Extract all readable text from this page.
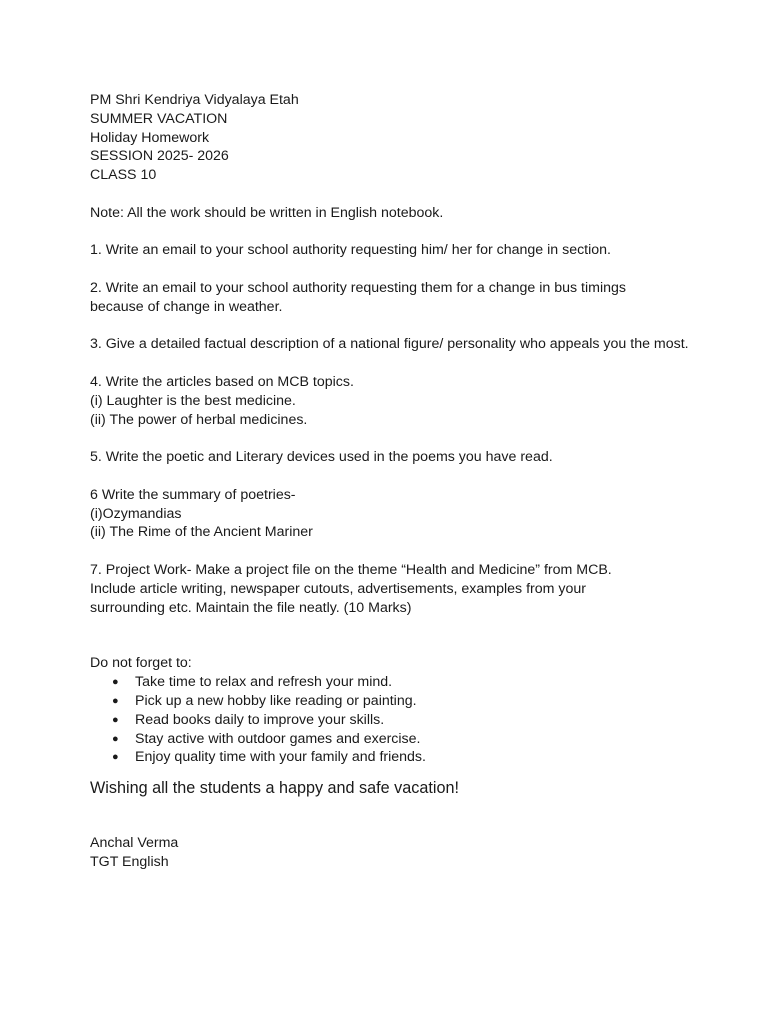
PM Shri Kendriya Vidyalaya Etah
SUMMER VACATION
Holiday Homework
SESSION 2025- 2026
CLASS 10
Note: All the work should be written in English notebook.
1. Write an email to your school authority requesting him/ her for change in section.
2. Write an email to your school authority requesting them for a change in bus timings because of change in weather.
3. Give a detailed factual description of a national figure/ personality who appeals you the most.
4. Write the articles based on MCB topics.
(i) Laughter is the best medicine.
(ii) The power of herbal medicines.
5. Write the poetic and Literary devices used in the poems you have read.
6 Write the summary of poetries-
(i)Ozymandias
(ii) The Rime of the Ancient Mariner
7. Project Work- Make a project file on the theme “Health and Medicine” from MCB. Include article writing, newspaper cutouts, advertisements, examples from your surrounding etc. Maintain the file neatly. (10 Marks)
Do not forget to:
● Take time to relax and refresh your mind.
● Pick up a new hobby like reading or painting.
● Read books daily to improve your skills.
● Stay active with outdoor games and exercise.
● Enjoy quality time with your family and friends.
Wishing all the students a happy and safe vacation!
Anchal Verma
TGT English
